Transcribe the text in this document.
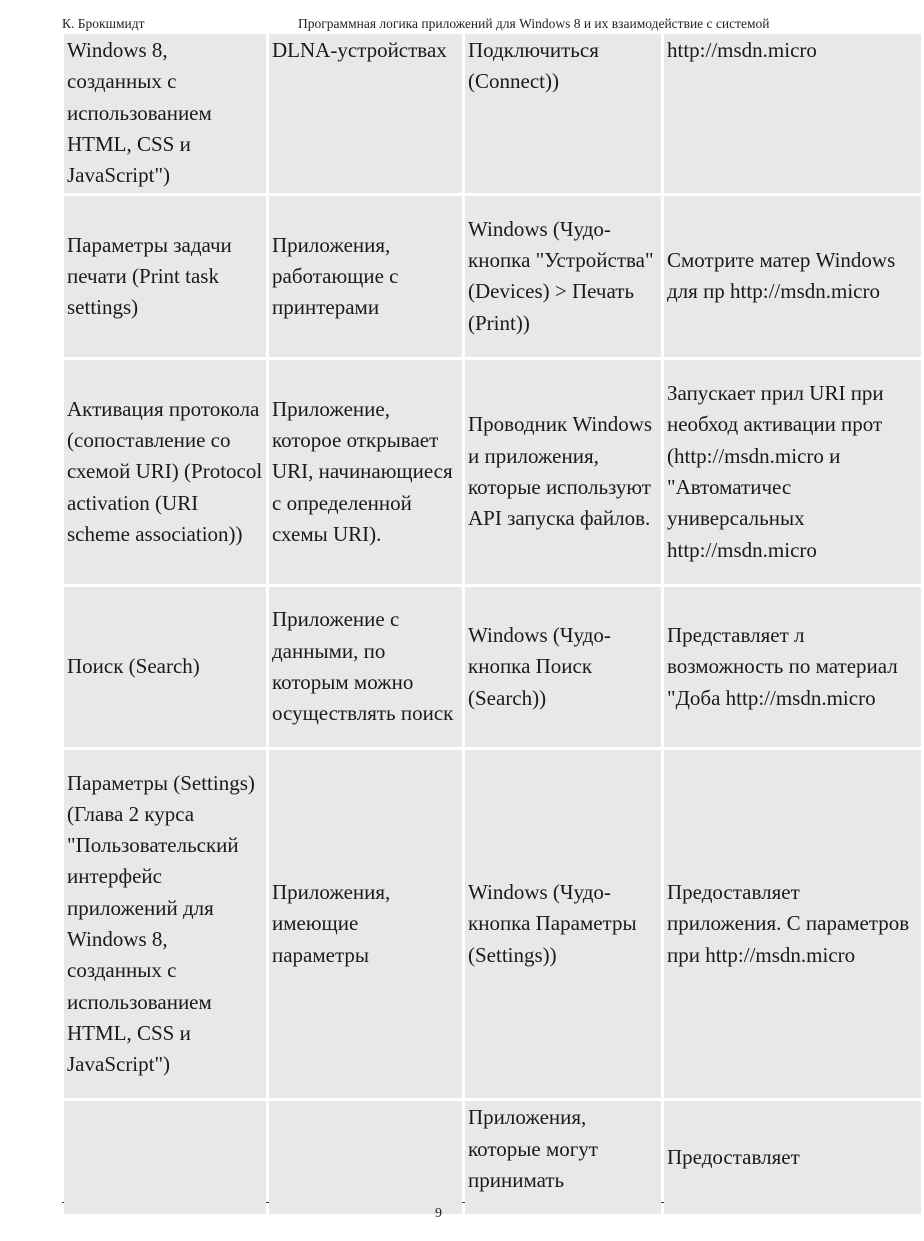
К. Брокшмидт	Программная логика приложений для Windows 8 и их взаимодействие с системой
Windows 8, созданных с использованием HTML, CSS и JavaScript")	DLNA-устройствах	Подключиться (Connect))	http://msdn.micro
Параметры задачи печати (Print task settings)	Приложения, работающие с принтерами	Windows (Чудо-кнопка "Устройства" (Devices) > Печать (Print))	Смотрите матер Windows для пр http://msdn.micro
Активация протокола (сопоставление со схемой URI) (Protocol activation (URI scheme association))	Приложение, которое открывает URI, начинающиеся с определенной схемы URI).	Проводник Windows и приложения, которые используют API запуска файлов.	Запускает прил URI при необход активации прот (http://msdn.micro и "Автоматичес универсальных http://msdn.micro
Поиск (Search)	Приложение с данными, по которым можно осуществлять поиск	Windows (Чудо-кнопка Поиск (Search))	Представляет л возможность по материал "Доба http://msdn.micro
Параметры (Settings) (Глава 2 курса "Пользовательский интерфейс приложений для Windows 8, созданных с использованием HTML, CSS и JavaScript")	Приложения, имеющие параметры	Windows (Чудо-кнопка Параметры (Settings))	Предоставляет приложения. С параметров при http://msdn.micro
		Приложения, которые могут принимать	Предоставляет
9
